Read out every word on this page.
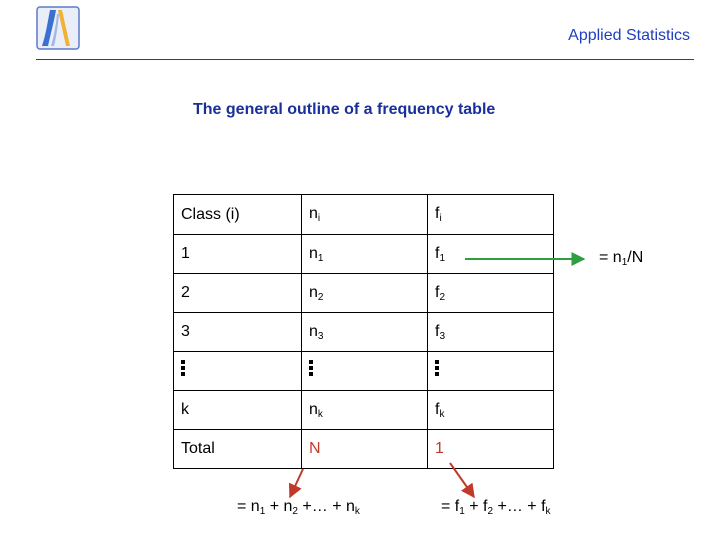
Applied Statistics
The general outline of a frequency table
Class (i)	$n_i$	$f_i$
1	$n_1$	$f_1$
2	$n_2$	$f_2$
3	$n_3$	$f_3$

k	$n_k$	$f_k$
Total	N	1
= $n_1/N$
= $n_1 + n_2$ +… + $n_k$	= $f_1 + f_2$ +… + $f_k$
